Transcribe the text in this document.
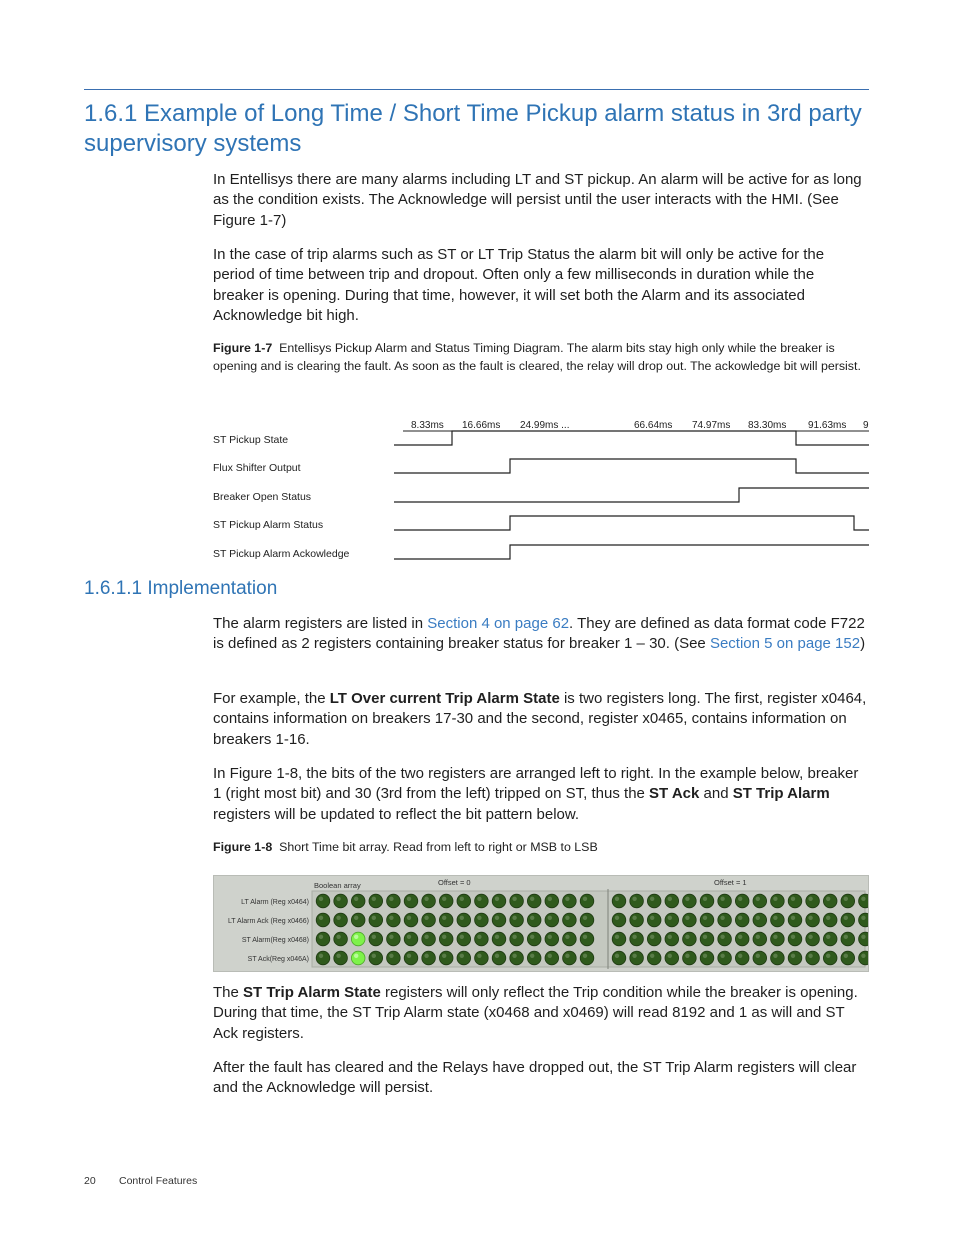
1.6.1 Example of Long Time / Short Time Pickup alarm status in 3rd party supervisory systems

In Entellisys there are many alarms including LT and ST pickup. An alarm will be active for as long as the condition exists. The Acknowledge will persist until the user interacts with the HMI. (See Figure 1-7)

In the case of trip alarms such as ST or LT Trip Status the alarm bit will only be active for the period of time between trip and dropout. Often only a few milliseconds in duration while the breaker is opening. During that time, however, it will set both the Alarm and its associated Acknowledge bit high.

Figure 1-7 Entellisys Pickup Alarm and Status Timing Diagram. The alarm bits stay high only while the breaker is opening and is clearing the fault. As soon as the fault is cleared, the relay will drop out. The ackowledge bit will persist.

8.33ms 16.66ms 24.99ms ...	66.64ms 74.97ms 83.30ms 91.63ms 9
ST Pickup State
Flux Shifter Output
Breaker Open Status
ST Pickup Alarm Status
ST Pickup Alarm Ackowledge
1.6.1.1 Implementation

The alarm registers are listed in Section 4 on page 62. They are defined as data format code F722 is defined as 2 registers containing breaker status for breaker 1 – 30. (See Section 5 on page 152)

For example, the LT Over current Trip Alarm State is two registers long. The first, register x0464, contains information on breakers 17-30 and the second, register x0465, contains information on breakers 1-16.

In Figure 1-8, the bits of the two registers are arranged left to right. In the example below, breaker 1 (right most bit) and 30 (3rd from the left) tripped on ST, thus the ST Ack and ST Trip Alarm registers will be updated to reflect the bit pattern below.

Figure 1-8 Short Time bit array. Read from left to right or MSB to LSB

Boolean array	Offset = 0	Offset = 1
LT Alarm (Reg x0464)
LT Alarm Ack (Reg x0466)
ST Alarm(Reg x0468)
ST Ack(Reg x046A)

The ST Trip Alarm State registers will only reflect the Trip condition while the breaker is opening. During that time, the ST Trip Alarm state (x0468 and x0469) will read 8192 and 1 as will and ST Ack registers.

After the fault has cleared and the Relays have dropped out, the ST Trip Alarm registers will clear and the Acknowledge will persist.

20 Control Features
